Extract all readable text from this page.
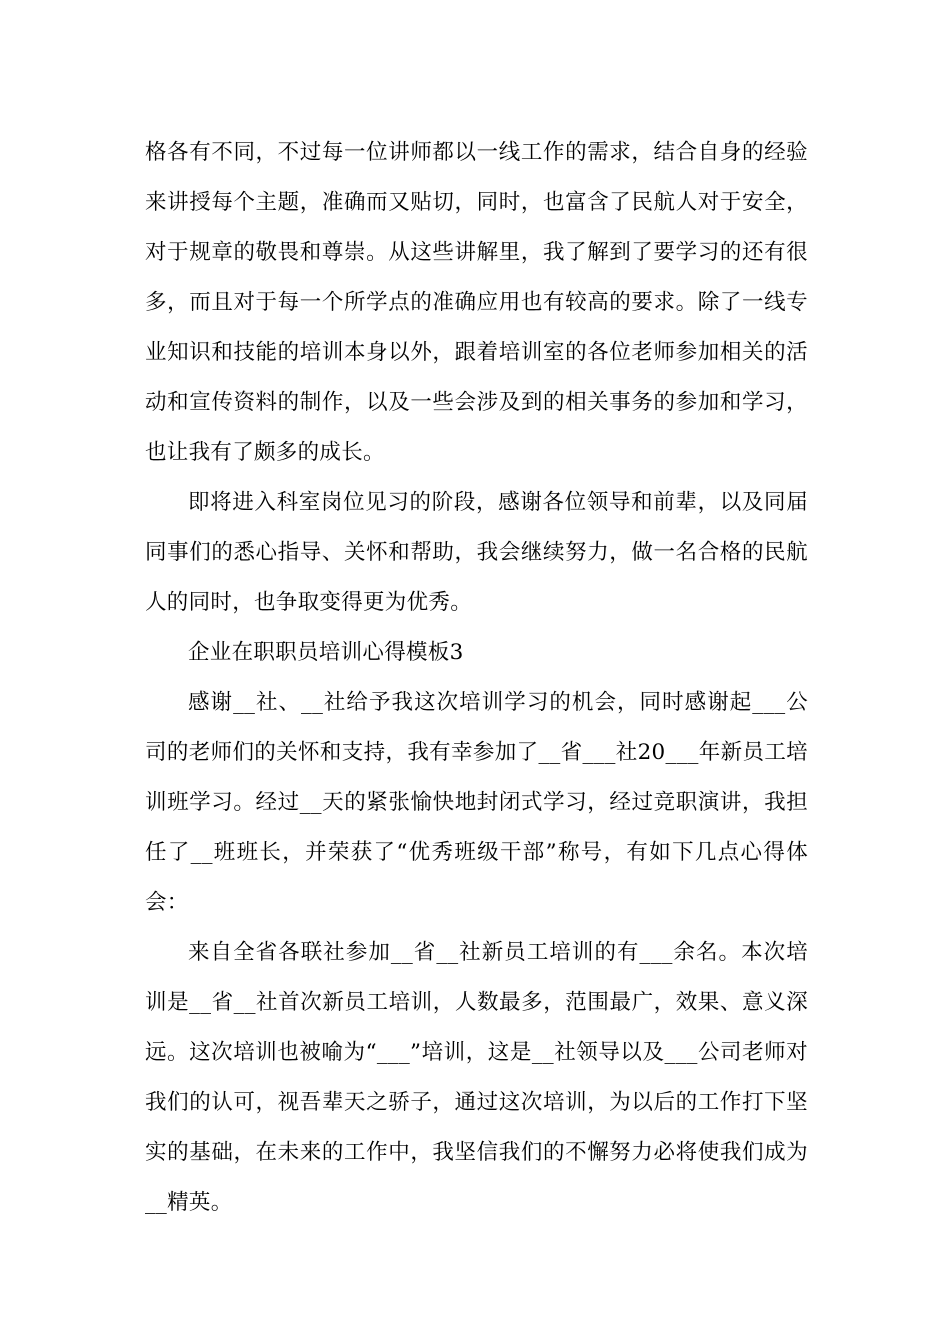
格各有不同，不过每一位讲师都以一线工作的需求，结合自身的经验来讲授每个主题，准确而又贴切，同时，也富含了民航人对于安全，对于规章的敬畏和尊崇。从这些讲解里，我了解到了要学习的还有很多，而且对于每一个所学点的准确应用也有较高的要求。除了一线专业知识和技能的培训本身以外，跟着培训室的各位老师参加相关的活动和宣传资料的制作，以及一些会涉及到的相关事务的参加和学习，也让我有了颇多的成长。

即将进入科室岗位见习的阶段，感谢各位领导和前辈，以及同届同事们的悉心指导、关怀和帮助，我会继续努力，做一名合格的民航人的同时，也争取变得更为优秀。

企业在职职员培训心得模板3

感谢__社、__社给予我这次培训学习的机会，同时感谢起___公司的老师们的关怀和支持，我有幸参加了__省___社20___年新员工培训班学习。经过__天的紧张愉快地封闭式学习，经过竞职演讲，我担任了__班班长，并荣获了“优秀班级干部”称号，有如下几点心得体会：

来自全省各联社参加__省__社新员工培训的有___余名。本次培训是__省__社首次新员工培训，人数最多，范围最广，效果、意义深远。这次培训也被喻为“___”培训，这是__社领导以及___公司老师对我们的认可，视吾辈天之骄子，通过这次培训，为以后的工作打下坚实的基础，在未来的工作中，我坚信我们的不懈努力必将使我们成为__精英。
